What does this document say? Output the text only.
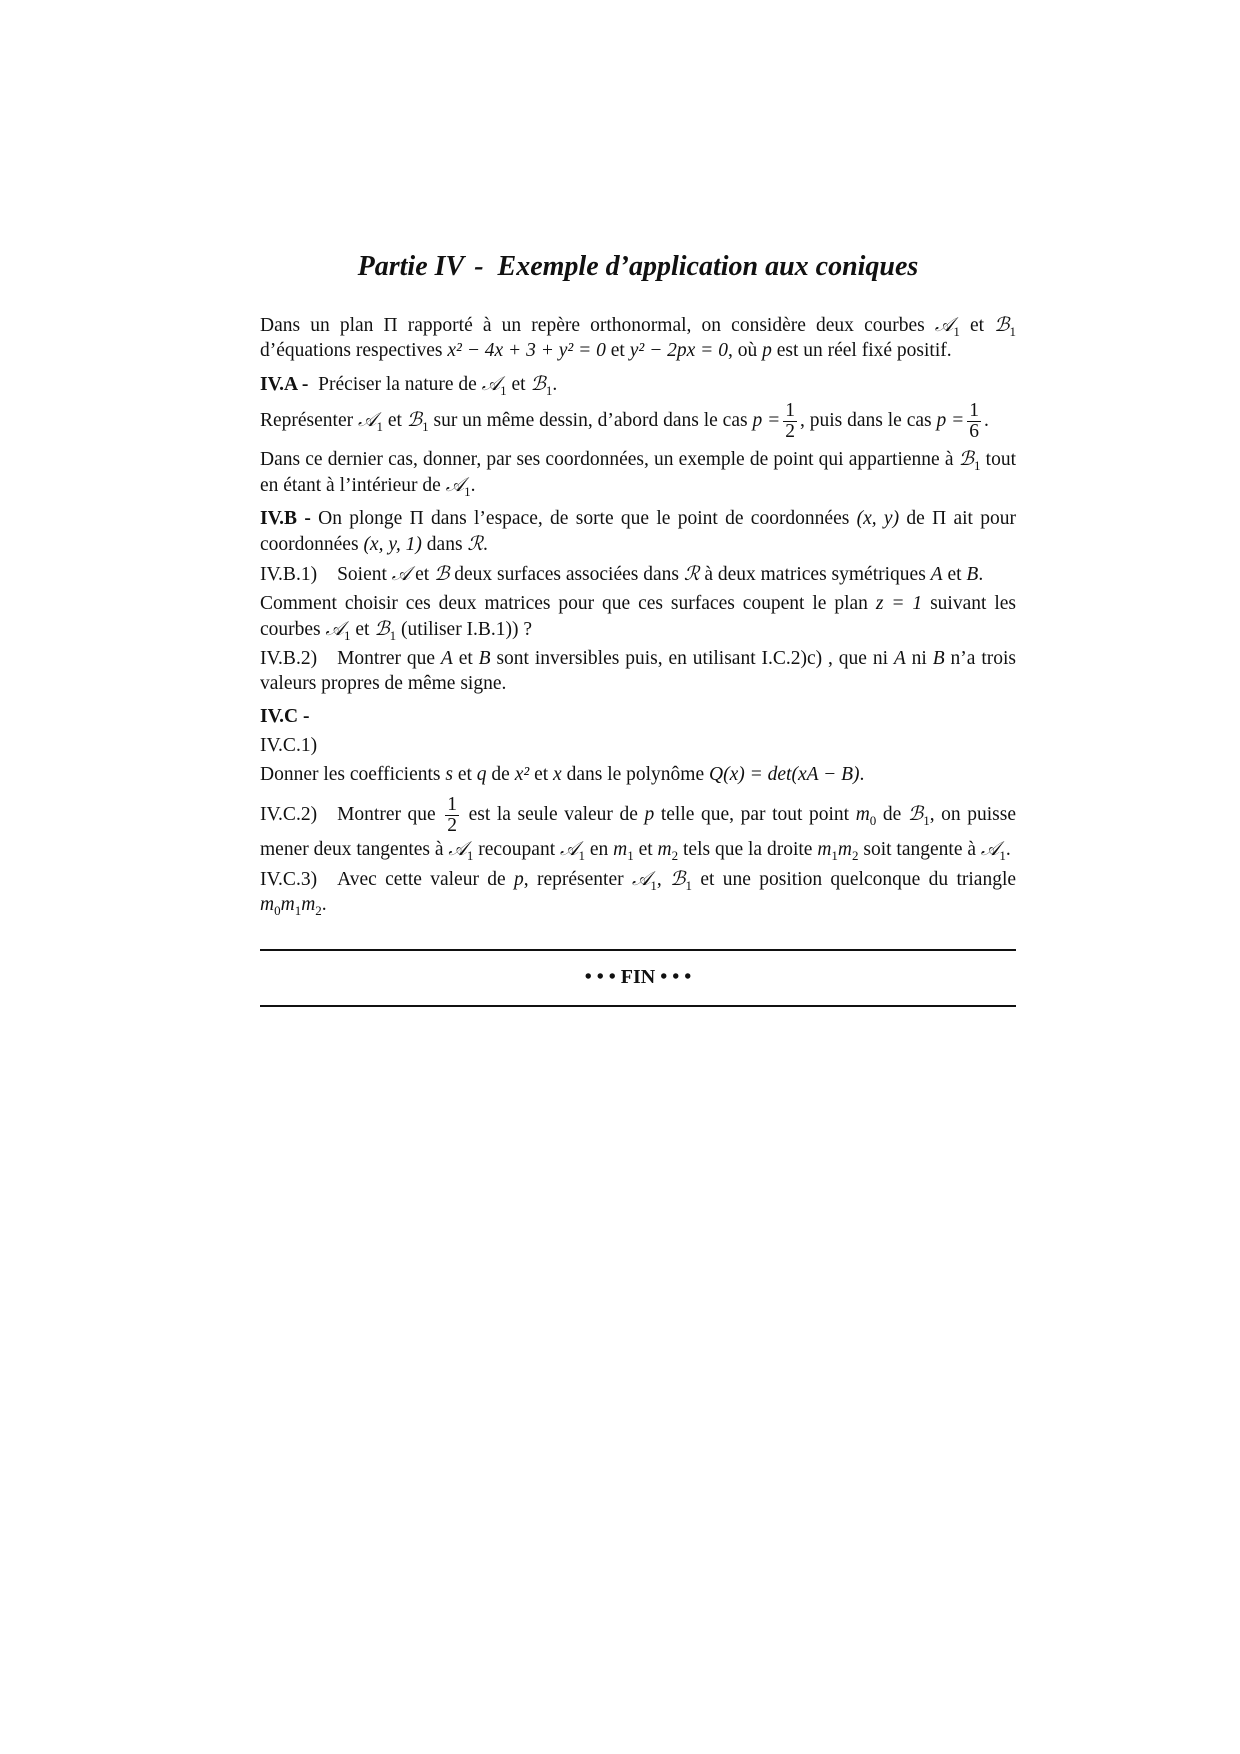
Partie IV - Exemple d’application aux coniques

Dans un plan Π rapporté à un repère orthonormal, on considère deux courbes 𝒜$_1$ et ℬ$_1$ d’équations respectives x² − 4x + 3 + y² = 0 et y² − 2px = 0, où p est un réel fixé positif.

IV.A - Préciser la nature de 𝒜$_1$ et ℬ$_1$.

Représenter 𝒜$_1$ et ℬ$_1$ sur un même dessin, d’abord dans le cas $p = \frac{1}{2}$ , puis dans le cas $p = \frac{1}{6}$ .

Dans ce dernier cas, donner, par ses coordonnées, un exemple de point qui appartienne à ℬ$_1$ tout en étant à l’intérieur de 𝒜$_1$.

IV.B - On plonge Π dans l’espace, de sorte que le point de coordonnées (x, y) de Π ait pour coordonnées (x, y, 1) dans ℛ.

IV.B.1) Soient 𝒜 et ℬ deux surfaces associées dans ℛ à deux matrices symétriques A et B.

Comment choisir ces deux matrices pour que ces surfaces coupent le plan z = 1 suivant les courbes 𝒜$_1$ et ℬ$_1$ (utiliser I.B.1)) ?

IV.B.2) Montrer que A et B sont inversibles puis, en utilisant I.C.2)c) , que ni A ni B n’a trois valeurs propres de même signe.

IV.C -

IV.C.1)

Donner les coefficients s et q de x² et x dans le polynôme Q(x) = det(xA − B).

IV.C.2) Montrer que $\frac{1}{2}$ est la seule valeur de p telle que, par tout point $m_0$ de ℬ$_1$, on puisse mener deux tangentes à 𝒜$_1$ recoupant 𝒜$_1$ en $m_1$ et $m_2$ tels que la droite $m_1m_2$ soit tangente à 𝒜$_1$.

IV.C.3) Avec cette valeur de p, représenter 𝒜$_1$, ℬ$_1$ et une position quelconque du triangle $m_0m_1m_2$.

• • • FIN • • •
